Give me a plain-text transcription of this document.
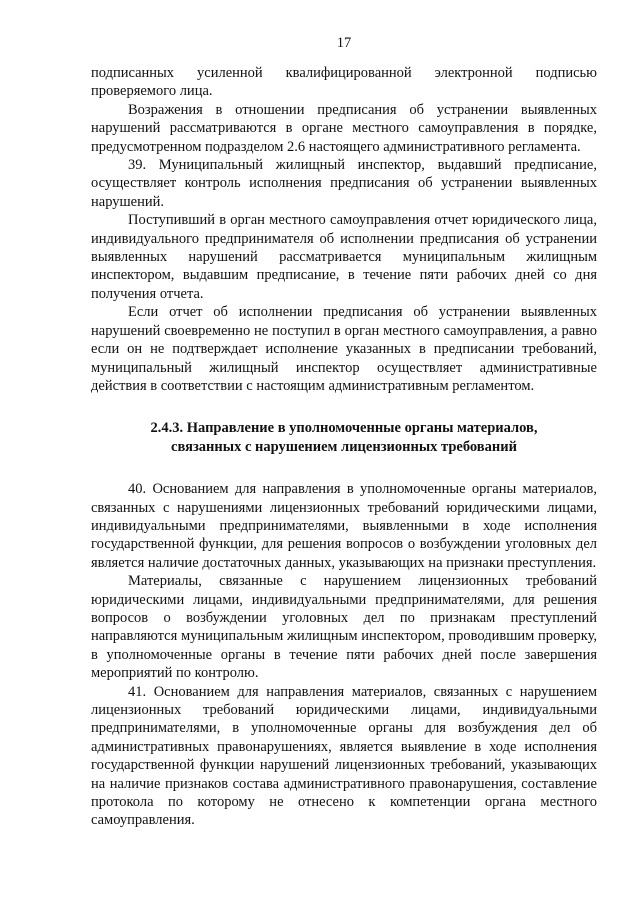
17

подписанных усиленной квалифицированной электронной подписью проверяемого лица.

Возражения в отношении предписания об устранении выявленных нарушений рассматриваются в органе местного самоуправления в порядке, предусмотренном подразделом 2.6 настоящего административного регламента.

39. Муниципальный жилищный инспектор, выдавший предписание, осуществляет контроль исполнения предписания об устранении выявленных нарушений.

Поступивший в орган местного самоуправления отчет юридического лица, индивидуального предпринимателя об исполнении предписания об устранении выявленных нарушений рассматривается муниципальным жилищным инспектором, выдавшим предписание, в течение пяти рабочих дней со дня получения отчета.

Если отчет об исполнении предписания об устранении выявленных нарушений своевременно не поступил в орган местного самоуправления, а равно если он не подтверждает исполнение указанных в предписании требований, муниципальный жилищный инспектор осуществляет административные действия в соответствии с настоящим административным регламентом.

2.4.3. Направление в уполномоченные органы материалов,
связанных с нарушением лицензионных требований

40. Основанием для направления в уполномоченные органы материалов, связанных с нарушениями лицензионных требований юридическими лицами, индивидуальными предпринимателями, выявленными в ходе исполнения государственной функции, для решения вопросов о возбуждении уголовных дел является наличие достаточных данных, указывающих на признаки преступления.

Материалы, связанные с нарушением лицензионных требований юридическими лицами, индивидуальными предпринимателями, для решения вопросов о возбуждении уголовных дел по признакам преступлений направляются муниципальным жилищным инспектором, проводившим проверку, в уполномоченные органы в течение пяти рабочих дней после завершения мероприятий по контролю.

41. Основанием для направления материалов, связанных с нарушением лицензионных требований юридическими лицами, индивидуальными предпринимателями, в уполномоченные органы для возбуждения дел об административных правонарушениях, является выявление в ходе исполнения государственной функции нарушений лицензионных требований, указывающих на наличие признаков состава административного правонарушения, составление протокола по которому не отнесено к компетенции органа местного самоуправления.
